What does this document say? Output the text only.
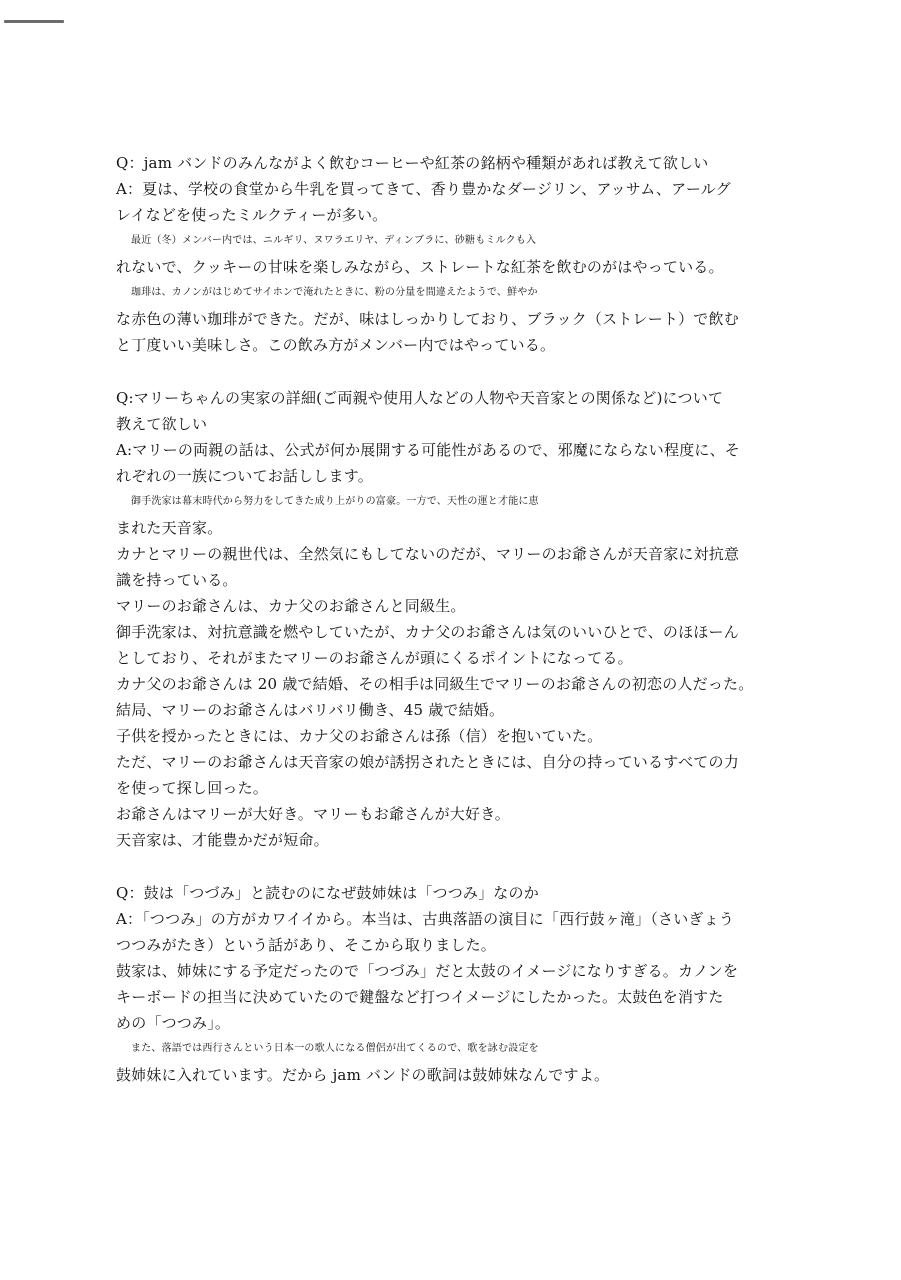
Q：jam バンドのみんながよく飲むコーヒーや紅茶の銘柄や種類があれば教えて欲しい

A：夏は、学校の食堂から牛乳を買ってきて、香り豊かなダージリン、アッサム、アールグ

レイなどを使ったミルクティーが多い。

最近（冬）メンバー内では、ニルギリ、ヌワラエリヤ、ディンブラに、砂糖もミルクも入

れないで、クッキーの甘味を楽しみながら、ストレートな紅茶を飲むのがはやっている。

珈琲は、カノンがはじめてサイホンで淹れたときに、粉の分量を間違えたようで、鮮やか

な赤色の薄い珈琲ができた。だが、味はしっかりしており、ブラック（ストレート）で飲む

と丁度いい美味しさ。この飲み方がメンバー内ではやっている。

Q:マリーちゃんの実家の詳細(ご両親や使用人などの人物や天音家との関係など)について

教えて欲しい

A:マリーの両親の話は、公式が何か展開する可能性があるので、邪魔にならない程度に、そ

れぞれの一族についてお話しします。

御手洗家は幕末時代から努力をしてきた成り上がりの富豪。一方で、天性の運と才能に恵

まれた天音家。

カナとマリーの親世代は、全然気にもしてないのだが、マリーのお爺さんが天音家に対抗意

識を持っている。

マリーのお爺さんは、カナ父のお爺さんと同級生。

御手洗家は、対抗意識を燃やしていたが、カナ父のお爺さんは気のいいひとで、のほほーん

としており、それがまたマリーのお爺さんが頭にくるポイントになってる。

カナ父のお爺さんは 20 歳で結婚、その相手は同級生でマリーのお爺さんの初恋の人だった。

結局、マリーのお爺さんはバリバリ働き、45 歳で結婚。

子供を授かったときには、カナ父のお爺さんは孫（信）を抱いていた。

ただ、マリーのお爺さんは天音家の娘が誘拐されたときには、自分の持っているすべての力

を使って探し回った。

お爺さんはマリーが大好き。マリーもお爺さんが大好き。

天音家は、才能豊かだが短命。

Q：鼓は「つづみ」と読むのになぜ鼓姉妹は「つつみ」なのか

A：「つつみ」の方がカワイイから。本当は、古典落語の演目に「西行鼓ヶ滝」（さいぎょう

つつみがたき）という話があり、そこから取りました。

鼓家は、姉妹にする予定だったので「つづみ」だと太鼓のイメージになりすぎる。カノンを

キーボードの担当に決めていたので鍵盤など打つイメージにしたかった。太鼓色を消すた

めの「つつみ」。

また、落語では西行さんという日本一の歌人になる僧侶が出てくるので、歌を詠む設定を

鼓姉妹に入れています。だから jam バンドの歌詞は鼓姉妹なんですよ。
